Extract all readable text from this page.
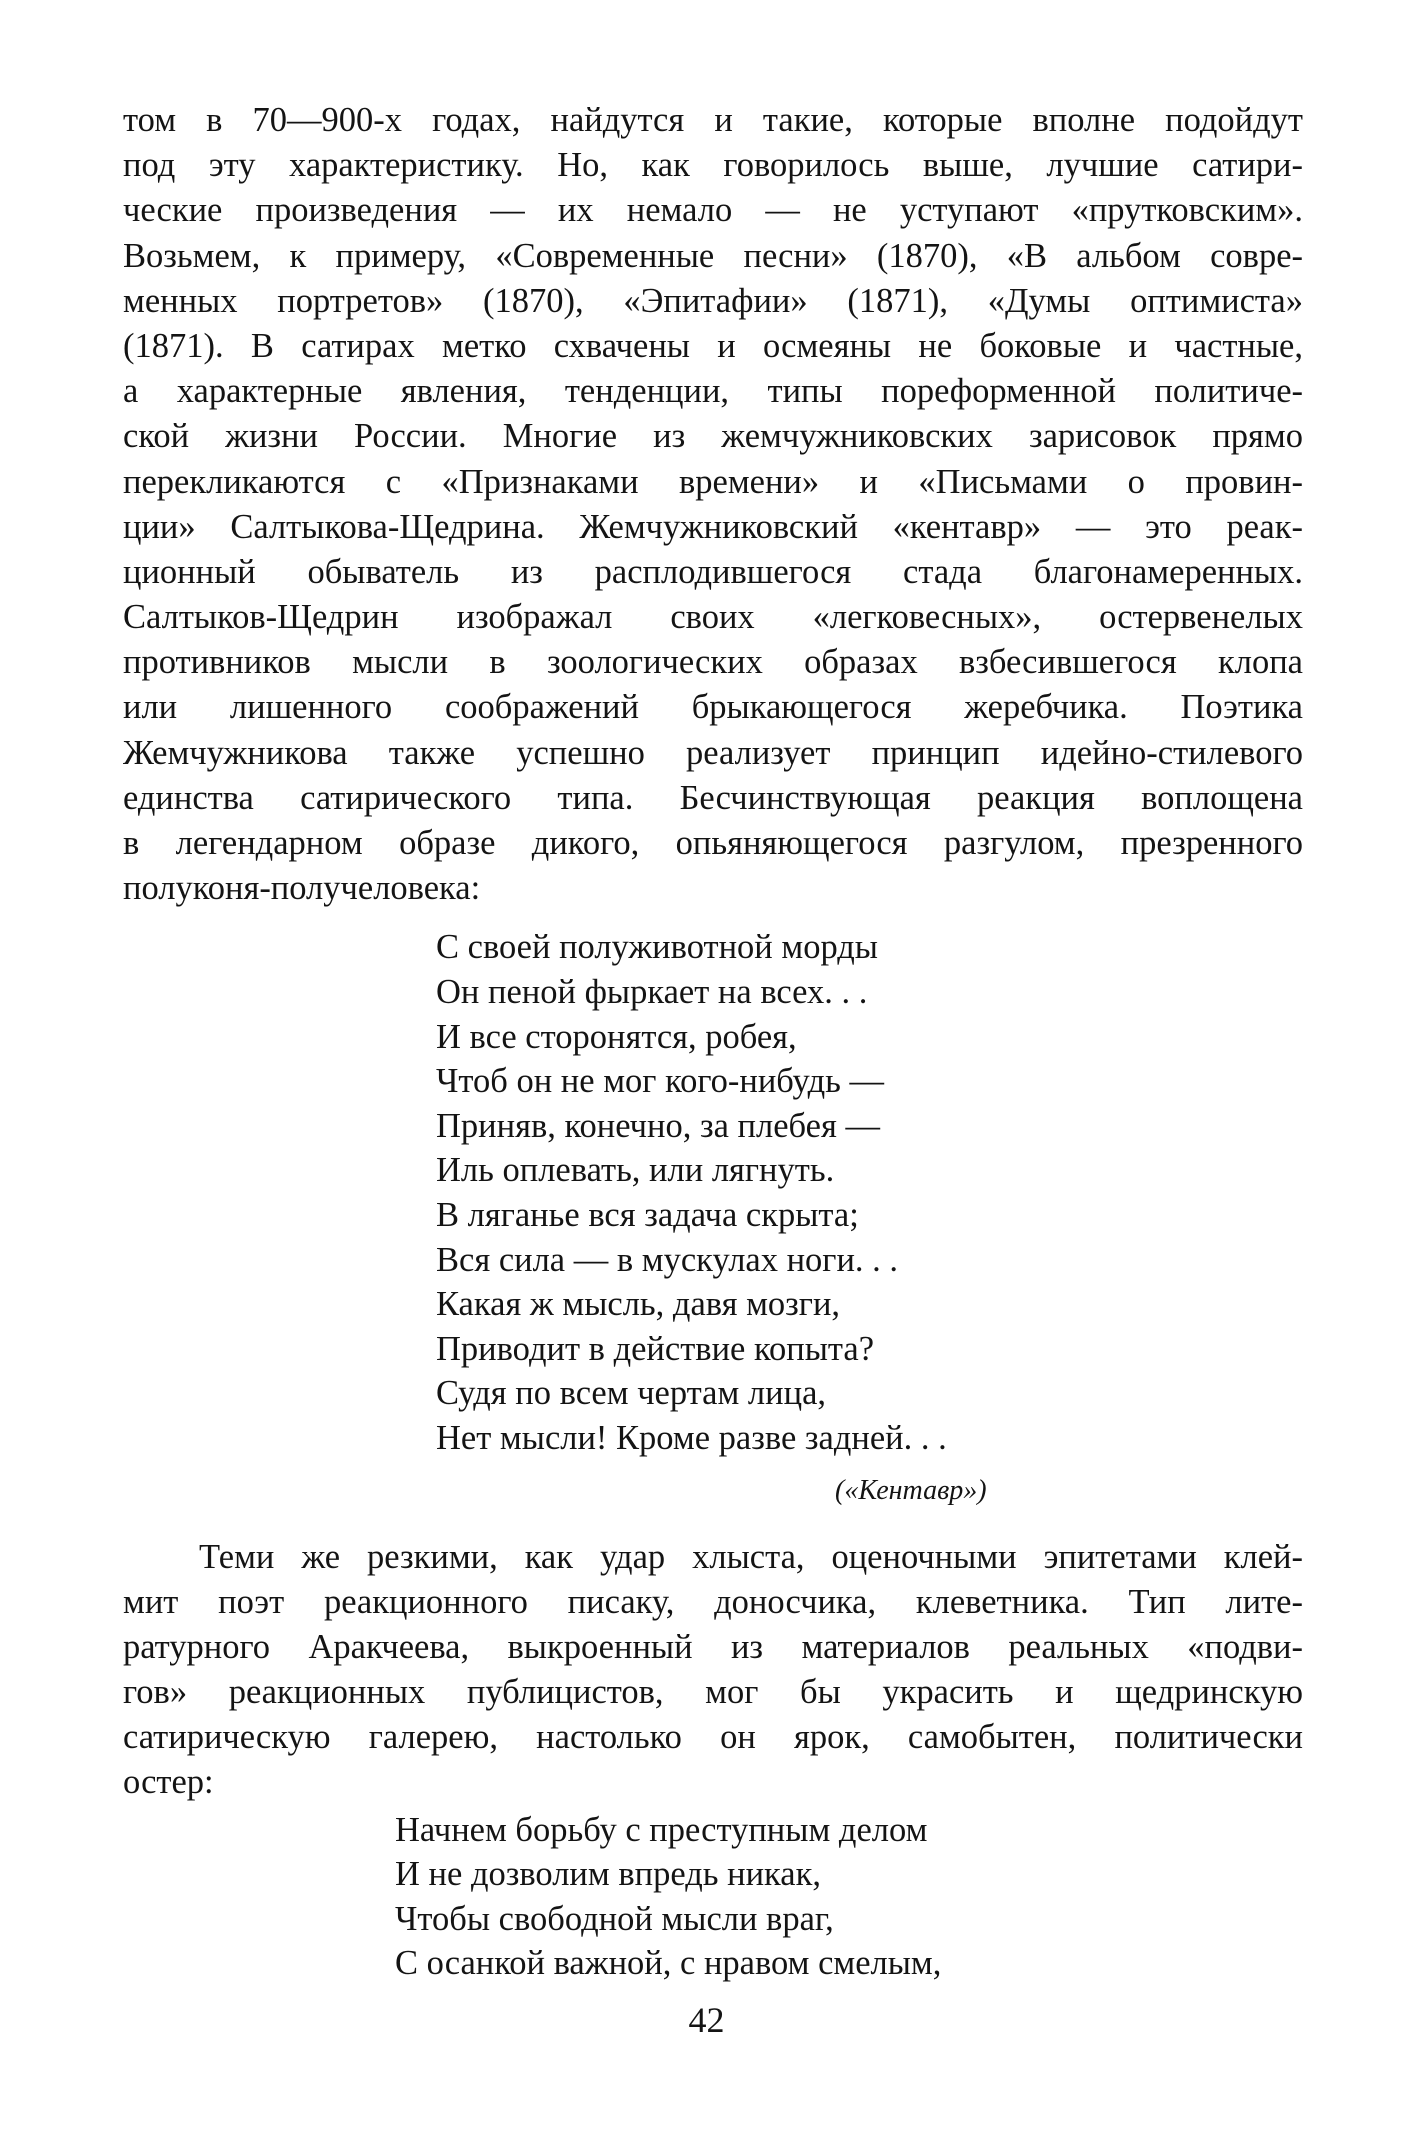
том в 70—900-х годах, найдутся и такие, которые вполне подойдут
под эту характеристику. Но, как говорилось выше, лучшие сатири-
ческие произведения — их немало — не уступают «прутковским».
Возьмем, к примеру, «Современные песни» (1870), «В альбом совре-
менных портретов» (1870), «Эпитафии» (1871), «Думы оптимиста»
(1871). В сатирах метко схвачены и осмеяны не боковые и частные,
а характерные явления, тенденции, типы пореформенной политиче-
ской жизни России. Многие из жемчужниковских зарисовок прямо
перекликаются с «Признаками времени» и «Письмами о провин-
ции» Салтыкова-Щедрина. Жемчужниковский «кентавр» — это реак-
ционный обыватель из расплодившегося стада благонамеренных.
Салтыков-Щедрин изображал своих «легковесных», остервенелых
противников мысли в зоологических образах взбесившегося клопа
или лишенного соображений брыкающегося жеребчика. Поэтика
Жемчужникова также успешно реализует принцип идейно-стилевого
единства сатирического типа. Бесчинствующая реакция воплощена
в легендарном образе дикого, опьяняющегося разгулом, презренного
полуконя-получеловека:
С своей полуживотной морды
Он пеной фыркает на всех. . .
И все сторонятся, робея,
Чтоб он не мог кого-нибудь —
Приняв, конечно, за плебея —
Иль оплевать, или лягнуть.
В ляганье вся задача скрыта;
Вся сила — в мускулах ноги. . .
Какая ж мысль, давя мозги,
Приводит в действие копыта?
Судя по всем чертам лица,
Нет мысли! Кроме разве задней. . .
(«Кентавр»)
Теми же резкими, как удар хлыста, оценочными эпитетами клей-
мит поэт реакционного писаку, доносчика, клеветника. Тип лите-
ратурного Аракчеева, выкроенный из материалов реальных «подви-
гов» реакционных публицистов, мог бы украсить и щедринскую
сатирическую галерею, настолько он ярок, самобытен, политически
остер:
Начнем борьбу с преступным делом
И не дозволим впредь никак,
Чтобы свободной мысли враг,
С осанкой важной, с нравом смелым,
42
